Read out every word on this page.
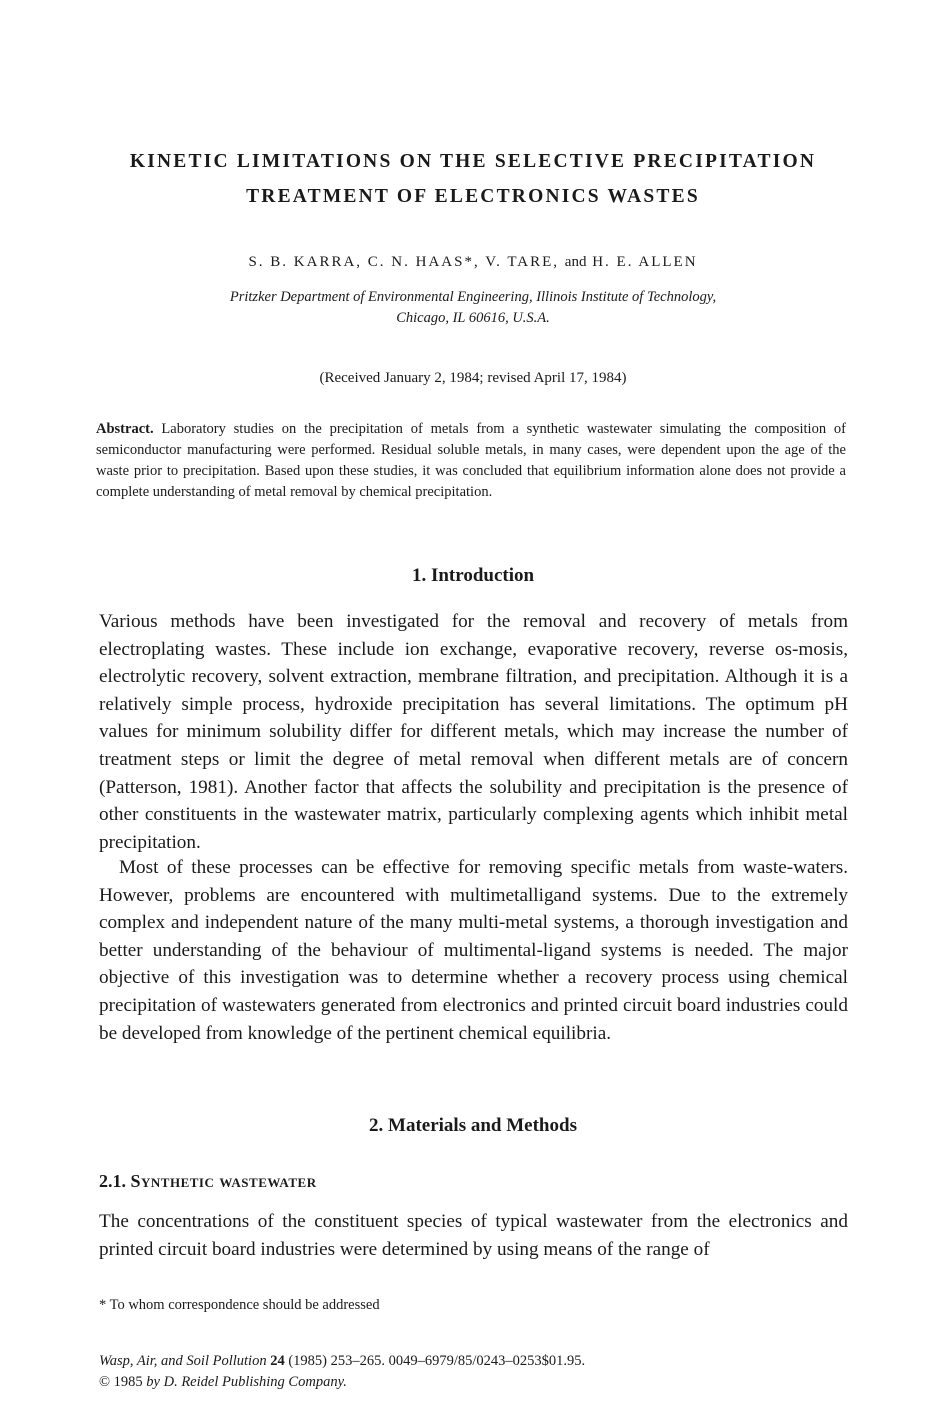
KINETIC LIMITATIONS ON THE SELECTIVE PRECIPITATION
TREATMENT OF ELECTRONICS WASTES

S. B. KARRA, C. N. HAAS*, V. TARE, and H. E. ALLEN

Pritzker Department of Environmental Engineering, Illinois Institute of Technology,

Chicago, IL 60616, U.S.A.

(Received January 2, 1984; revised April 17, 1984)

Abstract. Laboratory studies on the precipitation of metals from a synthetic wastewater simulating the composition of semiconductor manufacturing were performed. Residual soluble metals, in many cases, were dependent upon the age of the waste prior to precipitation. Based upon these studies, it was concluded that equilibrium information alone does not provide a complete understanding of metal removal by chemical precipitation.

1. Introduction

Various methods have been investigated for the removal and recovery of metals from electroplating wastes. These include ion exchange, evaporative recovery, reverse os-mosis, electrolytic recovery, solvent extraction, membrane filtration, and precipitation. Although it is a relatively simple process, hydroxide precipitation has several limitations. The optimum pH values for minimum solubility differ for different metals, which may increase the number of treatment steps or limit the degree of metal removal when different metals are of concern (Patterson, 1981). Another factor that affects the solubility and precipitation is the presence of other constituents in the wastewater matrix, particularly complexing agents which inhibit metal precipitation.

Most of these processes can be effective for removing specific metals from waste-waters. However, problems are encountered with multimetalligand systems. Due to the extremely complex and independent nature of the many multi-metal systems, a thorough investigation and better understanding of the behaviour of multimental-ligand systems is needed. The major objective of this investigation was to determine whether a recovery process using chemical precipitation of wastewaters generated from electronics and printed circuit board industries could be developed from knowledge of the pertinent chemical equilibria.

2. Materials and Methods
2.1. Synthetic wastewater

The concentrations of the constituent species of typical wastewater from the electronics and printed circuit board industries were determined by using means of the range of

* To whom correspondence should be addressed

Wasp, Air, and Soil Pollution 24 (1985) 253–265. 0049–6979/85/0243–0253$01.95.

© 1985 by D. Reidel Publishing Company.
